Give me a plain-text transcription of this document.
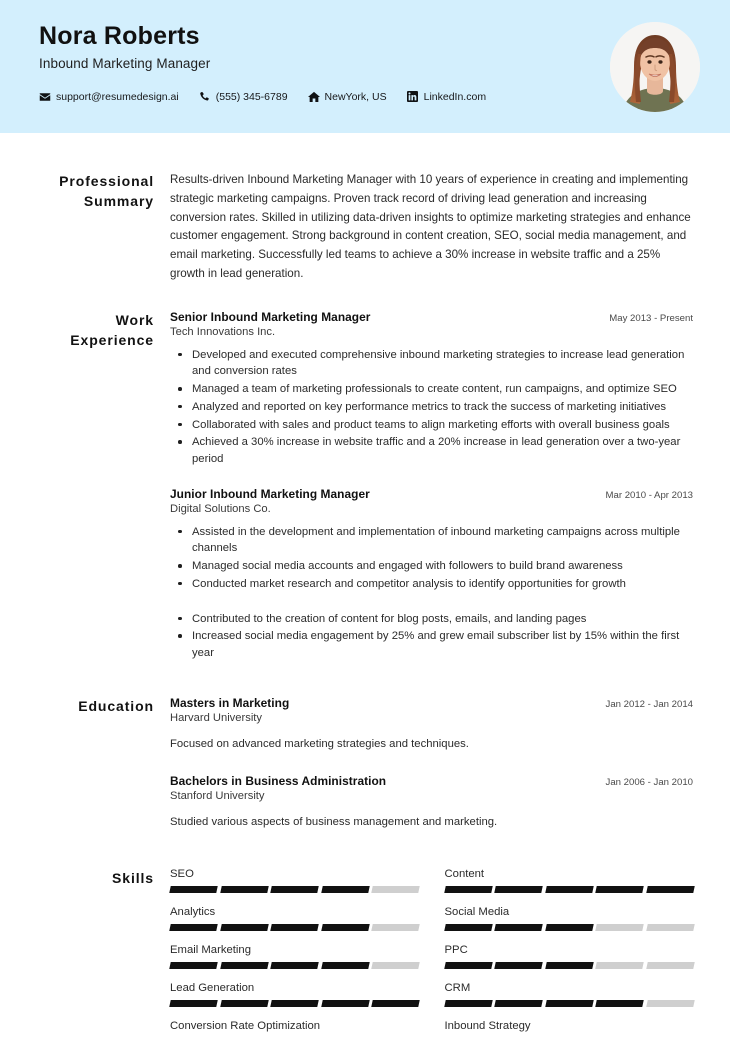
Nora Roberts
Inbound Marketing Manager
support@resumedesign.ai	(555) 345-6789	NewYork, US	LinkedIn.com
Professional Summary
Results-driven Inbound Marketing Manager with 10 years of experience in creating and implementing strategic marketing campaigns. Proven track record of driving lead generation and increasing conversion rates. Skilled in utilizing data-driven insights to optimize marketing strategies and enhance customer engagement. Strong background in content creation, SEO, social media management, and email marketing. Successfully led teams to achieve a 30% increase in website traffic and a 25% growth in lead generation.
Work Experience
Senior Inbound Marketing Manager	May 2013 - Present
Tech Innovations Inc.
Developed and executed comprehensive inbound marketing strategies to increase lead generation and conversion rates
Managed a team of marketing professionals to create content, run campaigns, and optimize SEO
Analyzed and reported on key performance metrics to track the success of marketing initiatives
Collaborated with sales and product teams to align marketing efforts with overall business goals
Achieved a 30% increase in website traffic and a 20% increase in lead generation over a two-year period
Junior Inbound Marketing Manager	Mar 2010 - Apr 2013
Digital Solutions Co.
Assisted in the development and implementation of inbound marketing campaigns across multiple channels
Managed social media accounts and engaged with followers to build brand awareness
Conducted market research and competitor analysis to identify opportunities for growth
Contributed to the creation of content for blog posts, emails, and landing pages
Increased social media engagement by 25% and grew email subscriber list by 15% within the first year
Education	Masters in Marketing	Jan 2012 - Jan 2014
Harvard University
Focused on advanced marketing strategies and techniques.
Bachelors in Business Administration	Jan 2006 - Jan 2010
Stanford University
Studied various aspects of business management and marketing.
Skills	SEO	Content
Analytics	Social Media
Email Marketing	PPC
Lead Generation	CRM
Conversion Rate Optimization	Inbound Strategy
